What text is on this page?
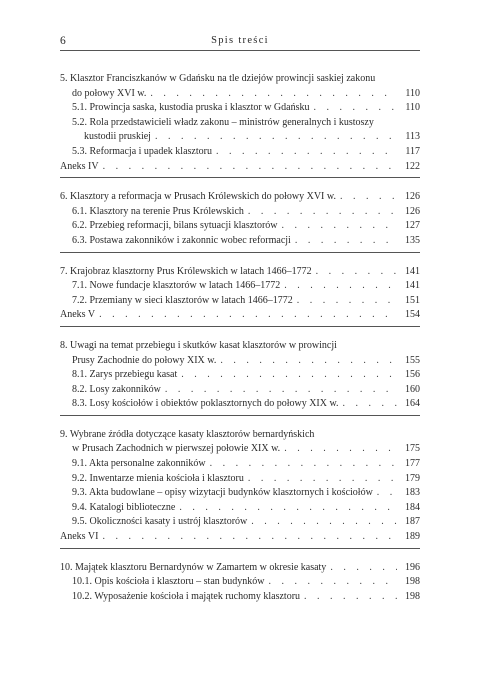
6	Spis treści
5. Klasztor Franciszkanów w Gdańsku na tle dziejów prowincji saskiej zakonu
do połowy XVI w. . . .	110
5.1. Prowincja saska, kustodia pruska i klasztor w Gdańsku . . .	110
5.2. Rola przedstawicieli władz zakonu – ministrów generalnych i kustoszy
kustodii pruskiej . . .	113
5.3. Reformacja i upadek klasztoru . . .	117
Aneks IV . . .	122
6. Klasztory a reformacja w Prusach Królewskich do połowy XVI w. . . .	126
6.1. Klasztory na terenie Prus Królewskich . . .	126
6.2. Przebieg reformacji, bilans sytuacji klasztorów . . .	127
6.3. Postawa zakonników i zakonnic wobec reformacji . . .	135
7. Krajobraz klasztorny Prus Królewskich w latach 1466–1772 . . .	141
7.1. Nowe fundacje klasztorów w latach 1466–1772 . . .	141
7.2. Przemiany w sieci klasztorów w latach 1466–1772 . . .	151
Aneks V . . .	154
8. Uwagi na temat przebiegu i skutków kasat klasztorów w prowincji
Prusy Zachodnie do połowy XIX w. . . .	155
8.1. Zarys przebiegu kasat . . .	156
8.2. Losy zakonników . . .	160
8.3. Losy kościołów i obiektów poklasztornych do połowy XIX w. . . .	164
9. Wybrane źródła dotyczące kasaty klasztorów bernardyńskich
w Prusach Zachodnich w pierwszej połowie XIX w. . . .	175
9.1. Akta personalne zakonników . . .	177
9.2. Inwentarze mienia kościoła i klasztoru . . .	179
9.3. Akta budowlane – opisy wizytacji budynków klasztornych i kościołów . . .	183
9.4. Katalogi biblioteczne . . .	184
9.5. Okoliczności kasaty i ustrój klasztorów . . .	187
Aneks VI . . .	189
10. Majątek klasztoru Bernardynów w Zamartem w okresie kasaty . . .	196
10.1. Opis kościoła i klasztoru – stan budynków . . .	198
10.2. Wyposażenie kościoła i majątek ruchomy klasztoru . . .	198
